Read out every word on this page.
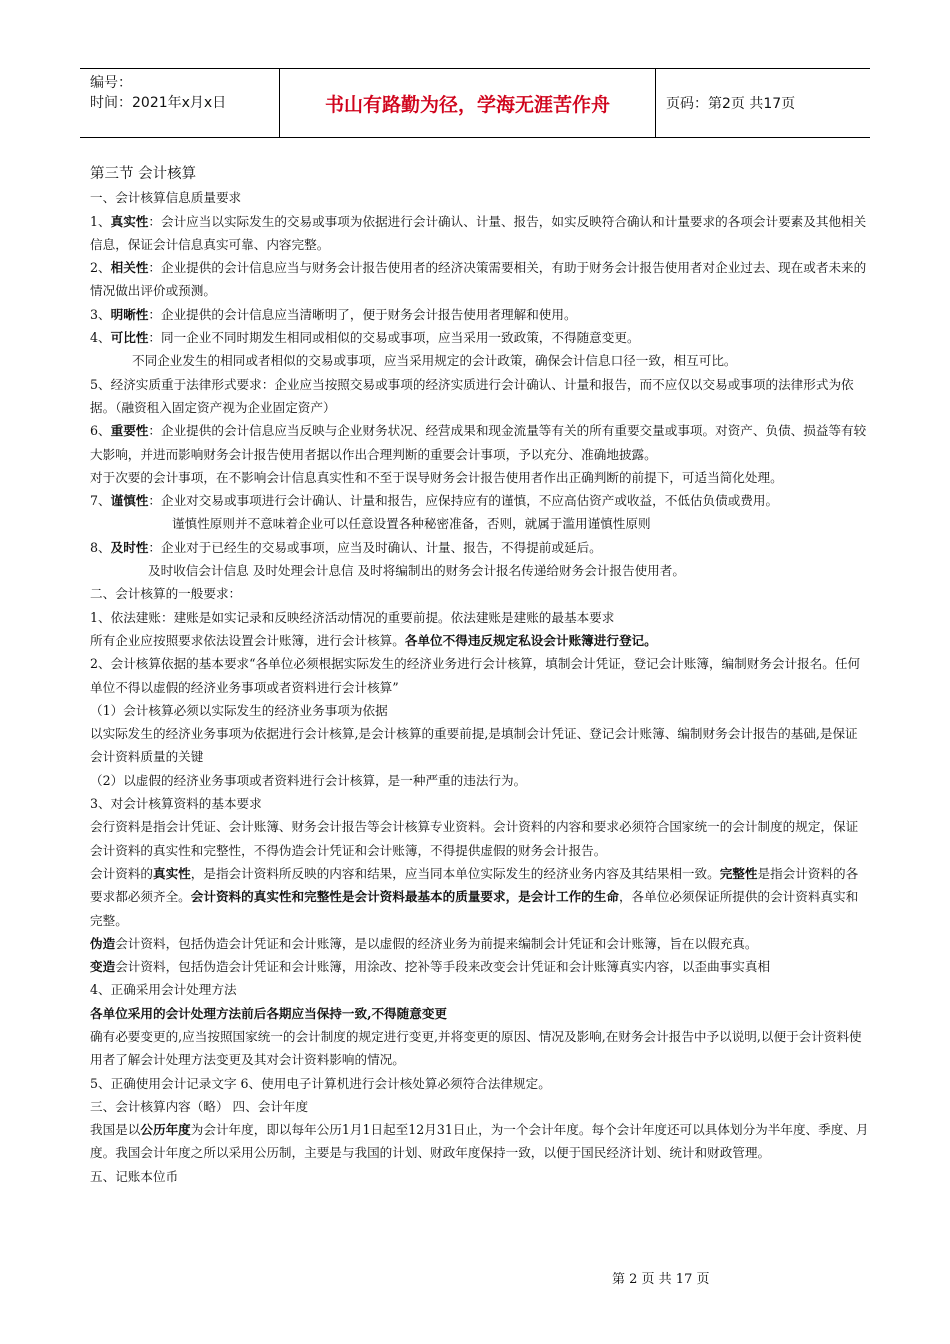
编号：
时间：2021年x月x日	书山有路勤为径，学海无涯苦作舟	页码：第2页 共17页

第三节 会计核算

一、会计核算信息质量要求

1、真实性：会计应当以实际发生的交易或事项为依据进行会计确认、计量、报告，如实反映符合确认和计量要求的各项会计要素及其他相关信息，保证会计信息真实可靠、内容完整。

2、相关性：企业提供的会计信息应当与财务会计报告使用者的经济决策需要相关，有助于财务会计报告使用者对企业过去、现在或者未来的情况做出评价或预测。

3、明晰性：企业提供的会计信息应当清晰明了，便于财务会计报告使用者理解和使用。

4、可比性：同一企业不同时期发生相同或相似的交易或事项，应当采用一致政策，不得随意变更。

不同企业发生的相同或者相似的交易或事项，应当采用规定的会计政策，确保会计信息口径一致，相互可比。

5、经济实质重于法律形式要求：企业应当按照交易或事项的经济实质进行会计确认、计量和报告，而不应仅以交易或事项的法律形式为依据。（融资租入固定资产视为企业固定资产）

6、重要性：企业提供的会计信息应当反映与企业财务状况、经营成果和现金流量等有关的所有重要交量或事项。对资产、负债、损益等有较大影响，并进而影响财务会计报告使用者据以作出合理判断的重要会计事项，予以充分、准确地披露。

对于次要的会计事项，在不影响会计信息真实性和不至于误导财务会计报告使用者作出正确判断的前提下，可适当简化处理。

7、谨慎性：企业对交易或事项进行会计确认、计量和报告，应保持应有的谨慎，不应高估资产或收益，不低估负债或费用。

谨慎性原则并不意味着企业可以任意设置各种秘密准备，否则，就属于滥用谨慎性原则

8、及时性：企业对于已经生的交易或事项，应当及时确认、计量、报告，不得提前或延后。

及时收信会计信息 及时处理会计息信 及时将编制出的财务会计报名传递给财务会计报告使用者。

二、会计核算的一般要求：

1、依法建账：建账是如实记录和反映经济活动情况的重要前提。依法建账是建账的最基本要求

所有企业应按照要求依法设置会计账簿，进行会计核算。各单位不得违反规定私设会计账簿进行登记。

2、会计核算依据的基本要求“各单位必须根据实际发生的经济业务进行会计核算，填制会计凭证，登记会计账簿，编制财务会计报名。任何单位不得以虚假的经济业务事项或者资料进行会计核算”

（1）会计核算必须以实际发生的经济业务事项为依据

以实际发生的经济业务事项为依据进行会计核算,是会计核算的重要前提,是填制会计凭证、登记会计账簿、编制财务会计报告的基础,是保证会计资料质量的关键

（2）以虚假的经济业务事项或者资料进行会计核算，是一种严重的违法行为。

3、对会计核算资料的基本要求

会行资料是指会计凭证、会计账簿、财务会计报告等会计核算专业资料。会计资料的内容和要求必须符合国家统一的会计制度的规定，保证会计资料的真实性和完整性，不得伪造会计凭证和会计账簿，不得提供虚假的财务会计报告。

会计资料的真实性，是指会计资料所反映的内容和结果，应当同本单位实际发生的经济业务内容及其结果相一致。完整性是指会计资料的各要求都必须齐全。会计资料的真实性和完整性是会计资料最基本的质量要求，是会计工作的生命，各单位必须保证所提供的会计资料真实和完整。

伪造会计资料，包括伪造会计凭证和会计账簿，是以虚假的经济业务为前提来编制会计凭证和会计账簿，旨在以假充真。

变造会计资料，包括伪造会计凭证和会计账簿，用涂改、挖补等手段来改变会计凭证和会计账簿真实内容，以歪曲事实真相

4、正确采用会计处理方法

各单位采用的会计处理方法前后各期应当保持一致,不得随意变更

确有必要变更的,应当按照国家统一的会计制度的规定进行变更,并将变更的原因、情况及影响,在财务会计报告中予以说明,以便于会计资料使用者了解会计处理方法变更及其对会计资料影响的情况。

5、正确使用会计记录文字 6、使用电子计算机进行会计核处算必须符合法律规定。

三、会计核算内容（略） 四、会计年度

我国是以公历年度为会计年度，即以每年公历1月1日起至12月31日止，为一个会计年度。每个会计年度还可以具体划分为半年度、季度、月度。我国会计年度之所以采用公历制，主要是与我国的计划、财政年度保持一致，以便于国民经济计划、统计和财政管理。

五、记账本位币

第 2 页 共 17 页
